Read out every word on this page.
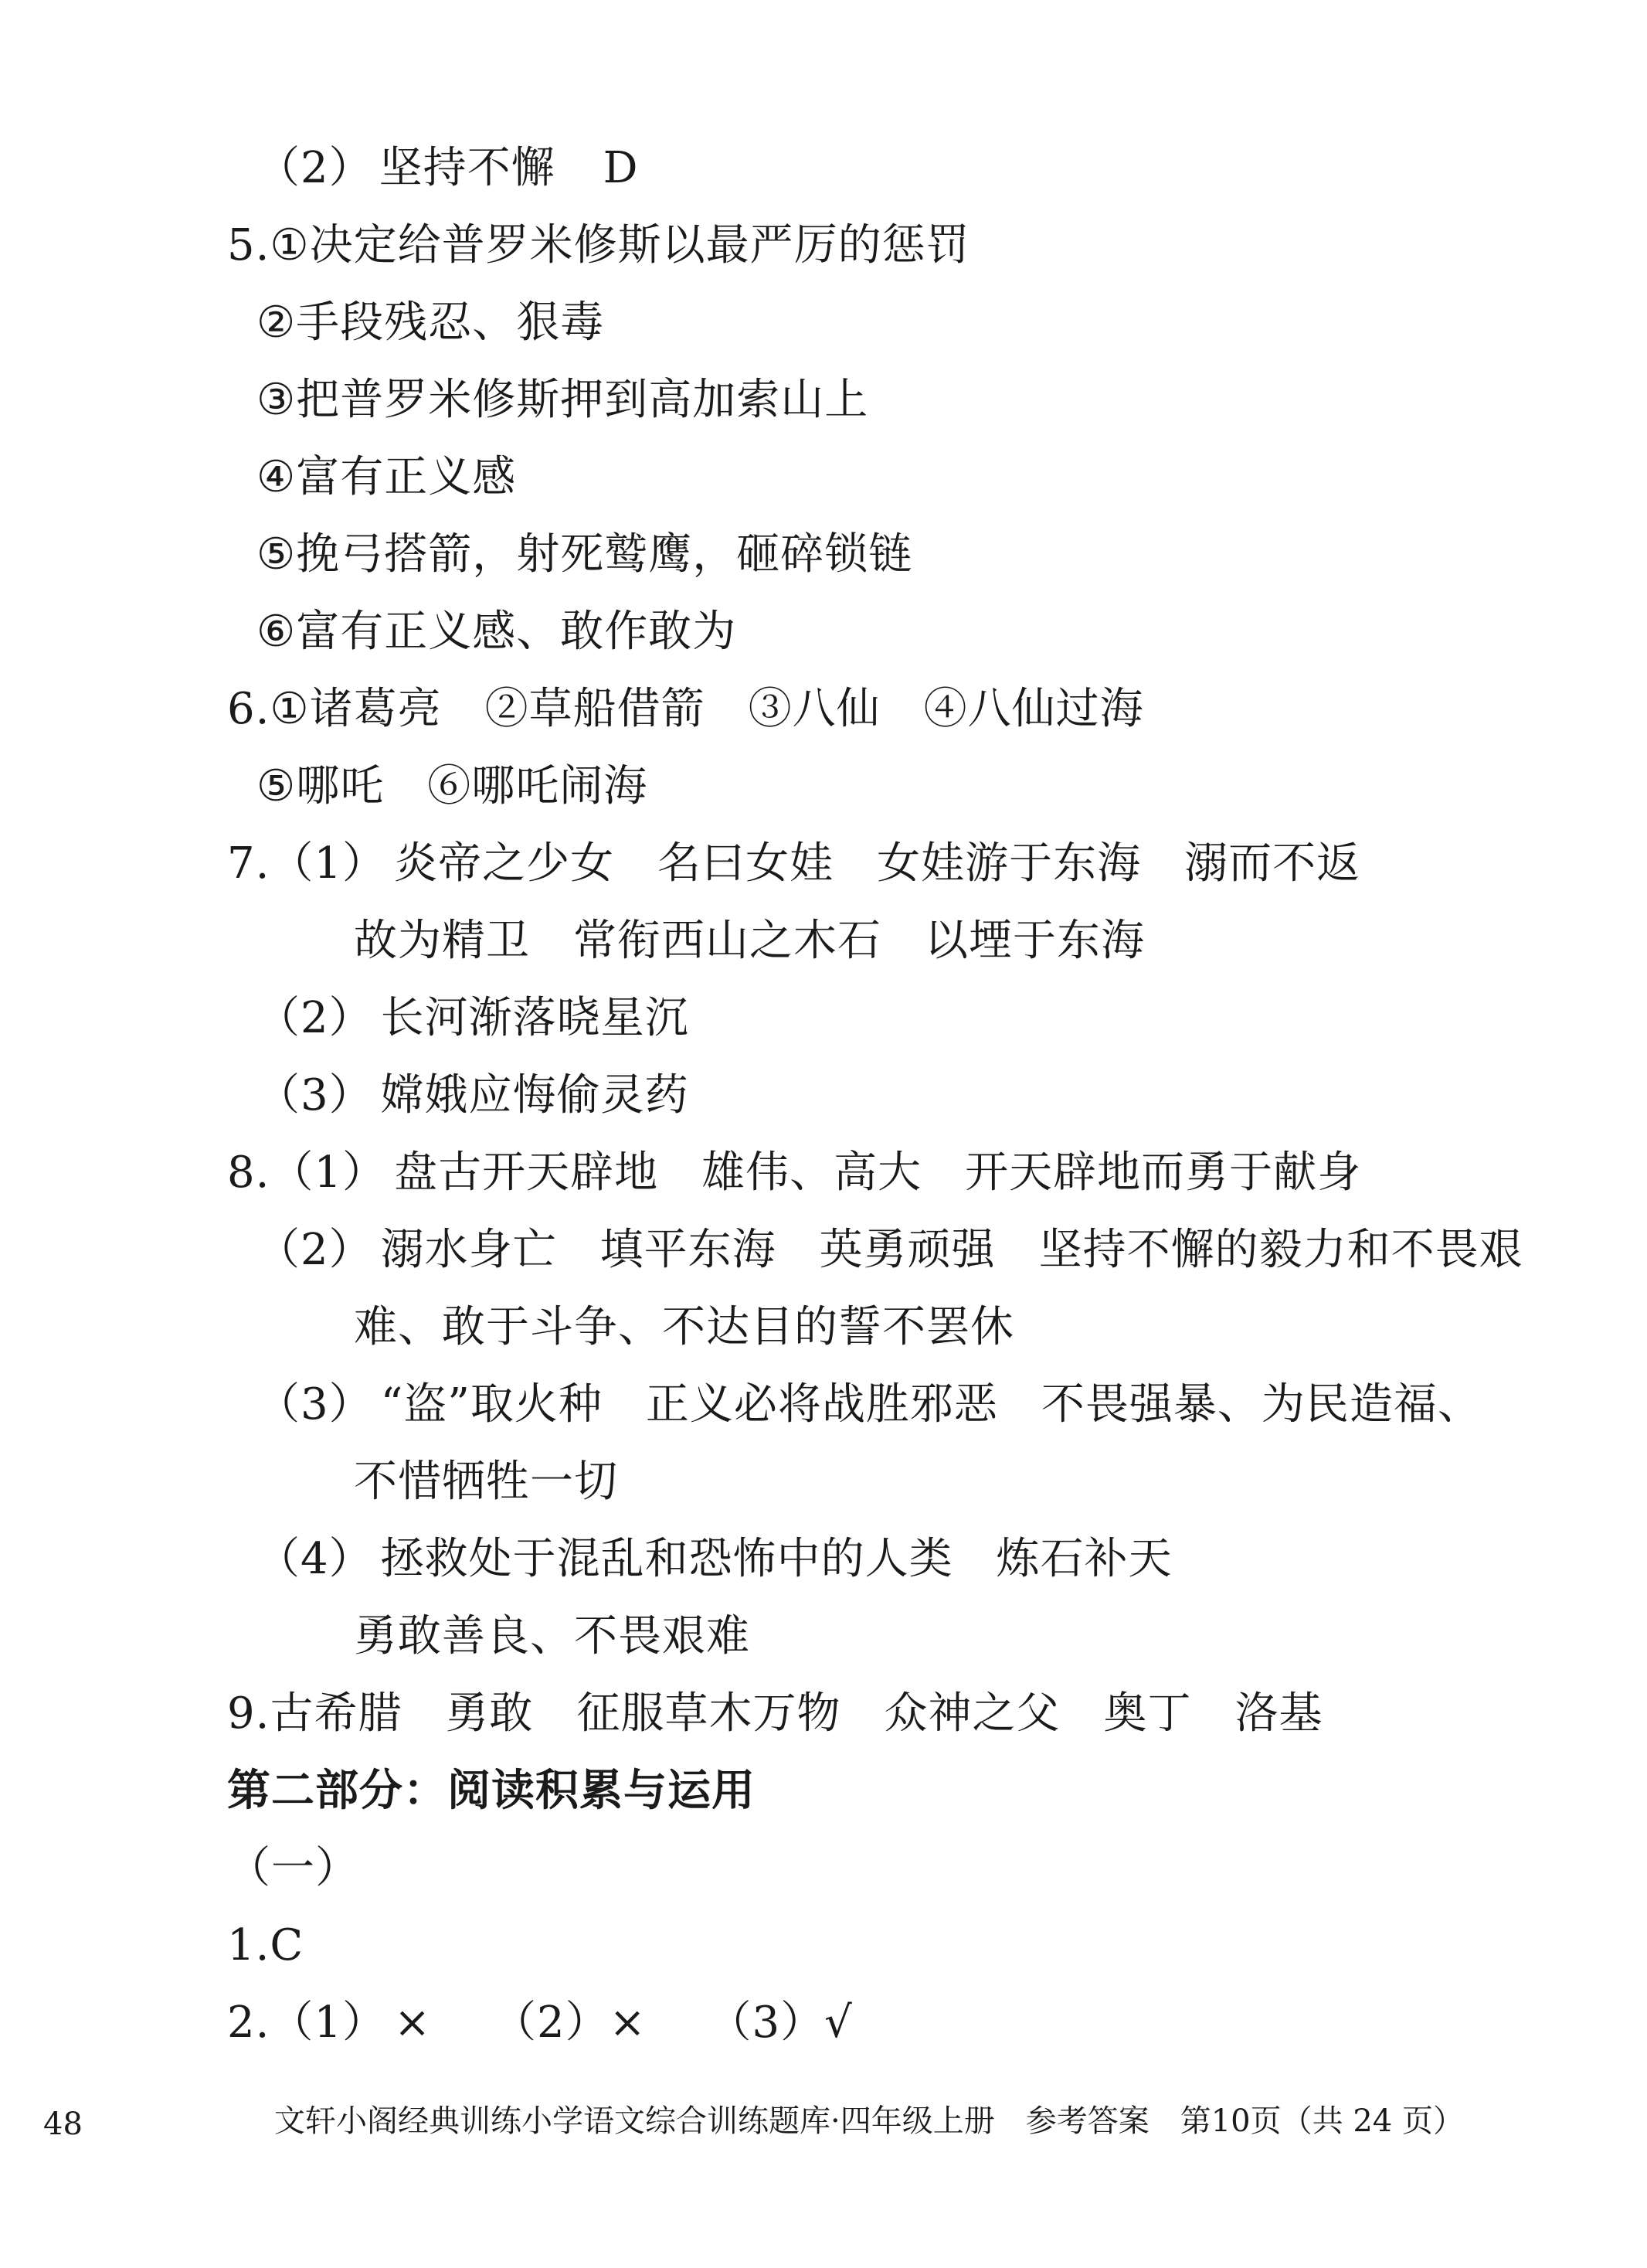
（2） 坚持不懈 D
5.①决定给普罗米修斯以最严厉的惩罚
②手段残忍、狠毒
③把普罗米修斯押到高加索山上
④富有正义感
⑤挽弓搭箭，射死鹫鹰，砸碎锁链
⑥富有正义感、敢作敢为
6.①诸葛亮 ②草船借箭 ③八仙 ④八仙过海
⑤哪吒 ⑥哪吒闹海
7.（1） 炎帝之少女 名曰女娃 女娃游于东海 溺而不返
故为精卫 常衔西山之木石 以堙于东海
（2） 长河渐落晓星沉
（3） 嫦娥应悔偷灵药
8.（1） 盘古开天辟地 雄伟、高大 开天辟地而勇于献身
（2） 溺水身亡 填平东海 英勇顽强 坚持不懈的毅力和不畏艰
难、敢于斗争、不达目的誓不罢休
（3） “盗”取火种 正义必将战胜邪恶 不畏强暴、为民造福、
不惜牺牲一切
（4） 拯救处于混乱和恐怖中的人类 炼石补天
勇敢善良、不畏艰难
9.古希腊 勇敢 征服草木万物 众神之父 奥丁 洛基
第二部分：阅读积累与运用
（一）
1.C
2.（1） × （2）× （3）√
48	文轩小阁经典训练小学语文综合训练题库·四年级上册 参考答案 第10页（共 24 页）
